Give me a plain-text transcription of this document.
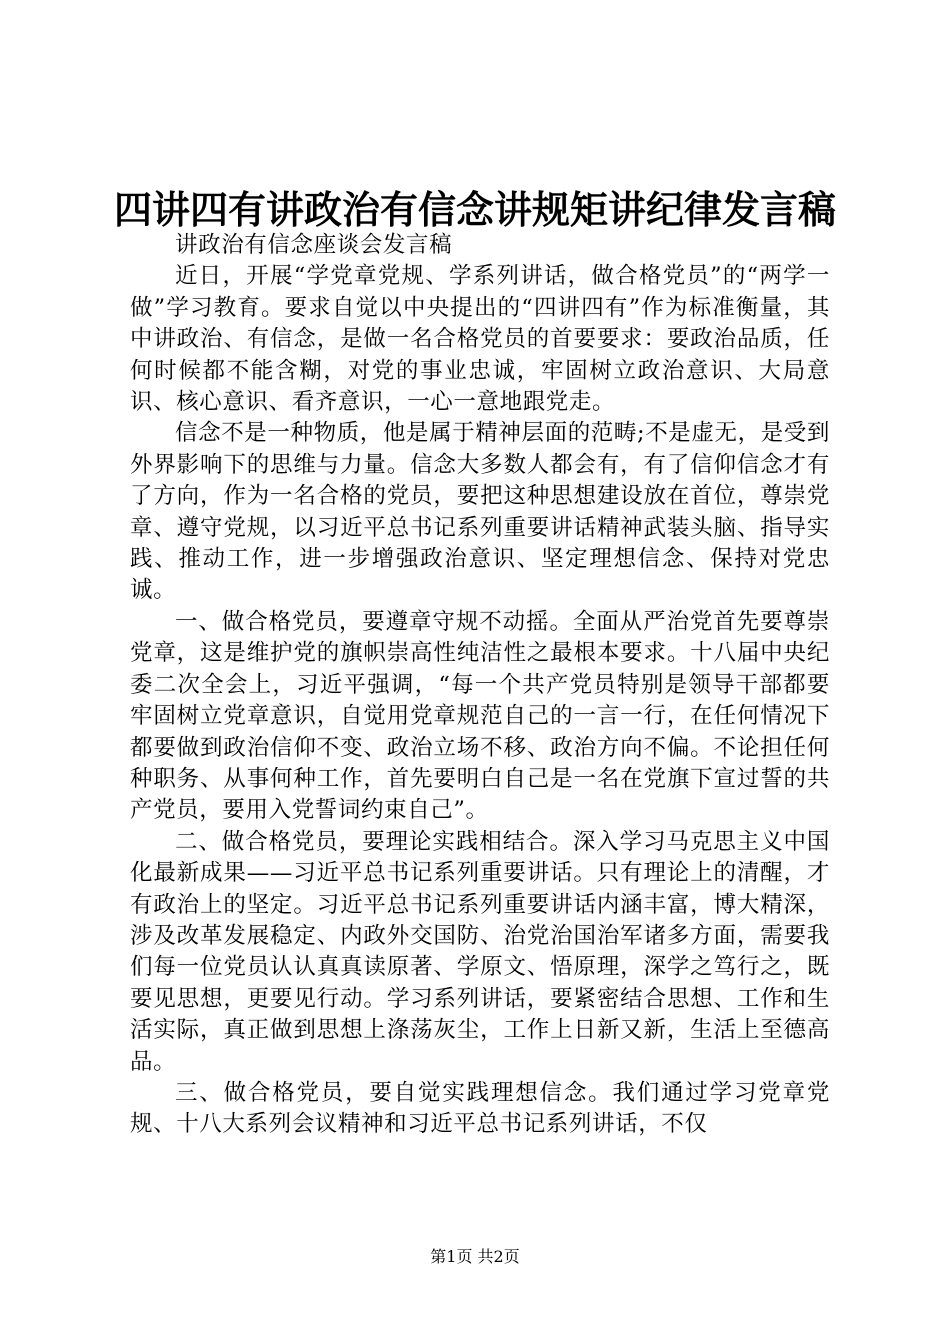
四讲四有讲政治有信念讲规矩讲纪律发言稿

讲政治有信念座谈会发言稿

近日，开展“学党章党规、学系列讲话，做合格党员”的“两学一做”学习教育。要求自觉以中央提出的“四讲四有”作为标准衡量，其中讲政治、有信念，是做一名合格党员的首要要求：要政治品质，任何时候都不能含糊，对党的事业忠诚，牢固树立政治意识、大局意识、核心意识、看齐意识，一心一意地跟党走。

信念不是一种物质，他是属于精神层面的范畴;不是虚无，是受到外界影响下的思维与力量。信念大多数人都会有，有了信仰信念才有了方向，作为一名合格的党员，要把这种思想建设放在首位，尊崇党章、遵守党规，以习近平总书记系列重要讲话精神武装头脑、指导实践、推动工作，进一步增强政治意识、坚定理想信念、保持对党忠诚。

一、做合格党员，要遵章守规不动摇。全面从严治党首先要尊崇党章，这是维护党的旗帜崇高性纯洁性之最根本要求。十八届中央纪委二次全会上，习近平强调，“每一个共产党员特别是领导干部都要牢固树立党章意识，自觉用党章规范自己的一言一行，在任何情况下都要做到政治信仰不变、政治立场不移、政治方向不偏。不论担任何种职务、从事何种工作，首先要明白自己是一名在党旗下宣过誓的共产党员，要用入党誓词约束自己”。

二、做合格党员，要理论实践相结合。深入学习马克思主义中国化最新成果——习近平总书记系列重要讲话。只有理论上的清醒，才有政治上的坚定。习近平总书记系列重要讲话内涵丰富，博大精深，涉及改革发展稳定、内政外交国防、治党治国治军诸多方面，需要我们每一位党员认认真真读原著、学原文、悟原理，深学之笃行之，既要见思想，更要见行动。学习系列讲话，要紧密结合思想、工作和生活实际，真正做到思想上涤荡灰尘，工作上日新又新，生活上至德高品。

三、做合格党员，要自觉实践理想信念。我们通过学习党章党规、十八大系列会议精神和习近平总书记系列讲话，不仅

第1页 共2页
